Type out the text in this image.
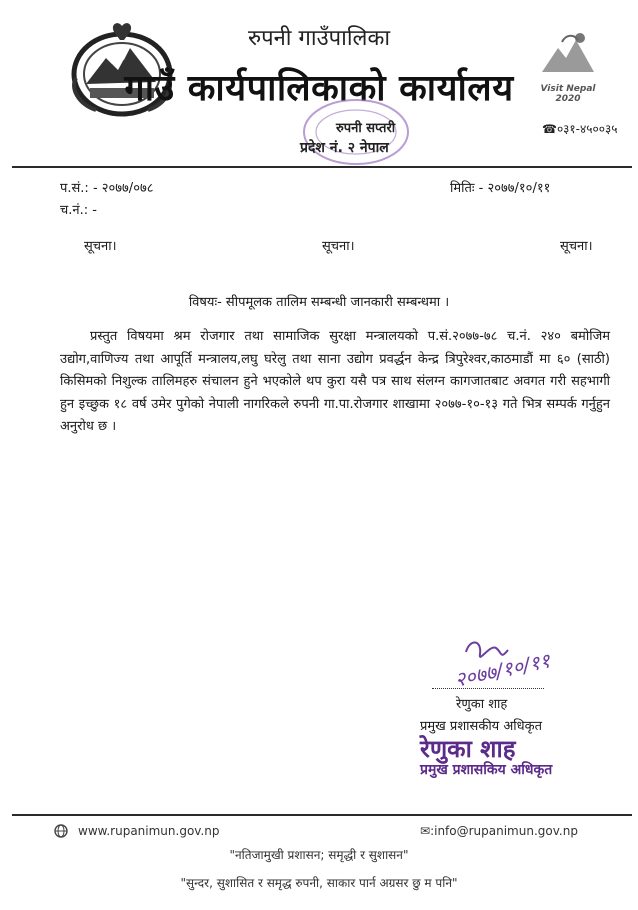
रुपनी गाउँपालिका
गाउँ कार्यपालिकाको कार्यालय	Visit Nepal 2020
रुपनी सप्तरी
प्रदेश नं. २ नेपाल
☎०३१-४५००३५
प.सं.: - २०७७/०७८
च.नं.: -
मितिः - २०७७/१०/११
सूचना।	सूचना।	सूचना।
विषयः- सीपमूलक तालिम सम्बन्धी जानकारी सम्बन्धमा ।
प्रस्तुत विषयमा श्रम रोजगार तथा सामाजिक सुरक्षा मन्त्रालयको प.सं.२०७७-७८ च.नं. २४० बमोजिम उद्योग,वाणिज्य तथा आपूर्ति मन्त्रालय,लघु घरेलु तथा साना उद्योग प्रवर्द्धन केन्द्र त्रिपुरेश्वर,काठमाडौं मा ६० (साठी) किसिमको निशुल्क तालिमहरु संचालन हुने भएकोले थप कुरा यसै पत्र साथ संलग्न कागजातबाट अवगत गरी सहभागी हुन इच्छुक १८ वर्ष उमेर पुगेको नेपाली नागरिकले रुपनी गा.पा.रोजगार शाखामा २०७७-१०-१३ गते भित्र सम्पर्क गर्नुहुन अनुरोध छ ।
२०७७/१०/११
रेणुका शाह
प्रमुख प्रशासकीय अधिकृत
रेणुका शाह
प्रमुख प्रशासकिय अधिकृत
www.rupanimun.gov.np	✉:info@rupanimun.gov.np
"नतिजामुखी प्रशासन; समृद्धी र सुशासन"
"सुन्दर, सुशासित र समृद्ध रुपनी, साकार पार्न अग्रसर छु म पनि"
